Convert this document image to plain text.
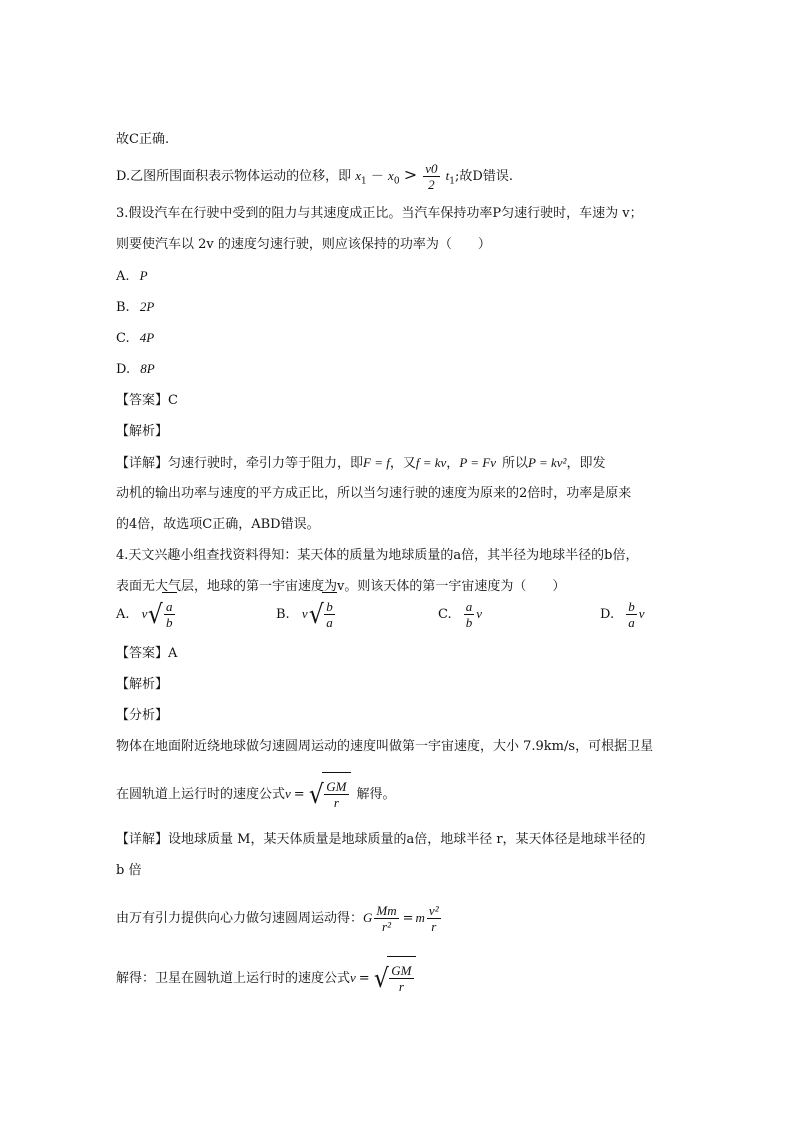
故C正确.
D.乙图所围面积表示物体运动的位移，即 $x_1 - x_0 > \frac{v0}{2} t_1$;故D错误.
3.假设汽车在行驶中受到的阻力与其速度成正比。当汽车保持功率P匀速行驶时，车速为 v；
则要使汽车以 2v 的速度匀速行驶，则应该保持的功率为（　　）
A. P
B. 2P
C. 4P
D. 8P
【答案】C
【解析】
【详解】匀速行驶时，牵引力等于阻力，即F = f，又f = kv，P = Fv 所以P = kv²，即发
动机的输出功率与速度的平方成正比，所以当匀速行驶的速度为原来的2倍时，功率是原来
的4倍，故选项C正确，ABD错误。
4.天文兴趣小组查找资料得知：某天体的质量为地球质量的a倍，其半径为地球半径的b倍，
表面无大气层，地球的第一宇宙速度为v。则该天体的第一宇宙速度为（　　）
A. v √ $\frac{a}{b}$	B. v √ $\frac{b}{a}$	C. $\frac{a}{b}$ v	D. $\frac{b}{a}$ v
【答案】A
【解析】
【分析】
物体在地面附近绕地球做匀速圆周运动的速度叫做第一宇宙速度，大小 7.9km/s，可根据卫星
在圆轨道上运行时的速度公式v = √ $\frac{GM}{r}$ 解得。
【详解】设地球质量 M，某天体质量是地球质量的a倍，地球半径 r，某天体径是地球半径的
b 倍
由万有引力提供向心力做匀速圆周运动得：G $\frac{Mm}{\text{r²}} = m \frac{\text{v²}}{r}$
解得：卫星在圆轨道上运行时的速度公式v = √ $\frac{GM}{r}$
